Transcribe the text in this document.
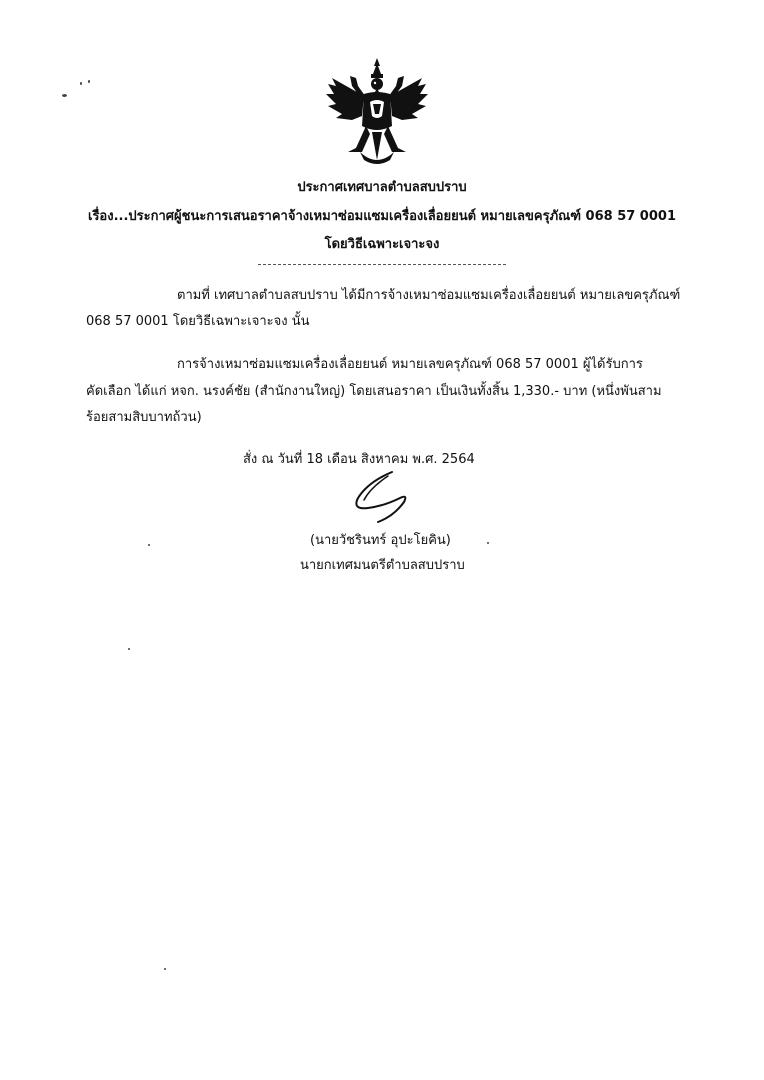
ประกาศเทศบาลตำบลสบปราบ
เรื่อง...ประกาศผู้ชนะการเสนอราคาจ้างเหมาซ่อมแซมเครื่องเลื่อยยนต์ หมายเลขครุภัณฑ์ 068 57 0001
โดยวิธีเฉพาะเจาะจง
ตามที่ เทศบาลตำบลสบปราบ ได้มีการจ้างเหมาซ่อมแซมเครื่องเลื่อยยนต์ หมายเลขครุภัณฑ์
068 57 0001 โดยวิธีเฉพาะเจาะจง นั้น
การจ้างเหมาซ่อมแซมเครื่องเลื่อยยนต์ หมายเลขครุภัณฑ์ 068 57 0001 ผู้ได้รับการ
คัดเลือก ได้แก่ หจก. นรงค์ชัย (สำนักงานใหญ่) โดยเสนอราคา เป็นเงินทั้งสิ้น 1,330.- บาท (หนึ่งพันสาม
ร้อยสามสิบบาทถ้วน)
สั่ง ณ วันที่ 18 เดือน สิงหาคม พ.ศ. 2564
(นายวัชรินทร์ อุปะโยคิน)
นายกเทศมนตรีตำบลสบปราบ
